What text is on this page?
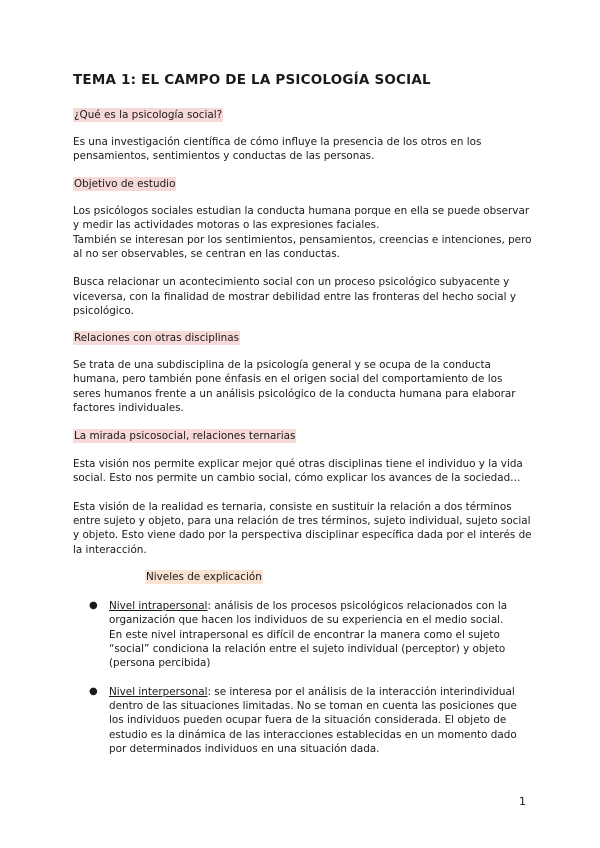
TEMA 1: EL CAMPO DE LA PSICOLOGÍA SOCIAL
¿Qué es la psicología social?

Es una investigación científica de cómo influye la presencia de los otros en los pensamientos, sentimientos y conductas de las personas.

Objetivo de estudio

Los psicólogos sociales estudian la conducta humana porque en ella se puede observar y medir las actividades motoras o las expresiones faciales.

También se interesan por los sentimientos, pensamientos, creencias e intenciones, pero al no ser observables, se centran en las conductas.

Busca relacionar un acontecimiento social con un proceso psicológico subyacente y viceversa, con la finalidad de mostrar debilidad entre las fronteras del hecho social y psicológico.

Relaciones con otras disciplinas

Se trata de una subdisciplina de la psicología general y se ocupa de la conducta humana, pero también pone énfasis en el origen social del comportamiento de los seres humanos frente a un análisis psicológico de la conducta humana para elaborar factores individuales.

La mirada psicosocial, relaciones ternarias

Esta visión nos permite explicar mejor qué otras disciplinas tiene el individuo y la vida social. Esto nos permite un cambio social, cómo explicar los avances de la sociedad…

Esta visión de la realidad es ternaria, consiste en sustituir la relación a dos términos entre sujeto y objeto, para una relación de tres términos, sujeto individual, sujeto social y objeto. Esto viene dado por la perspectiva disciplinar específica dada por el interés de la interacción.

Niveles de explicación
● Nivel intrapersonal: análisis de los procesos psicológicos relacionados con la organización que hacen los individuos de su experiencia en el medio social.
En este nivel intrapersonal es difícil de encontrar la manera como el sujeto “social” condiciona la relación entre el sujeto individual (perceptor) y objeto (persona percibida)
● Nivel interpersonal: se interesa por el análisis de la interacción interindividual dentro de las situaciones limitadas. No se toman en cuenta las posiciones que los individuos pueden ocupar fuera de la situación considerada. El objeto de estudio es la dinámica de las interacciones establecidas en un momento dado por determinados individuos en una situación dada.
1
